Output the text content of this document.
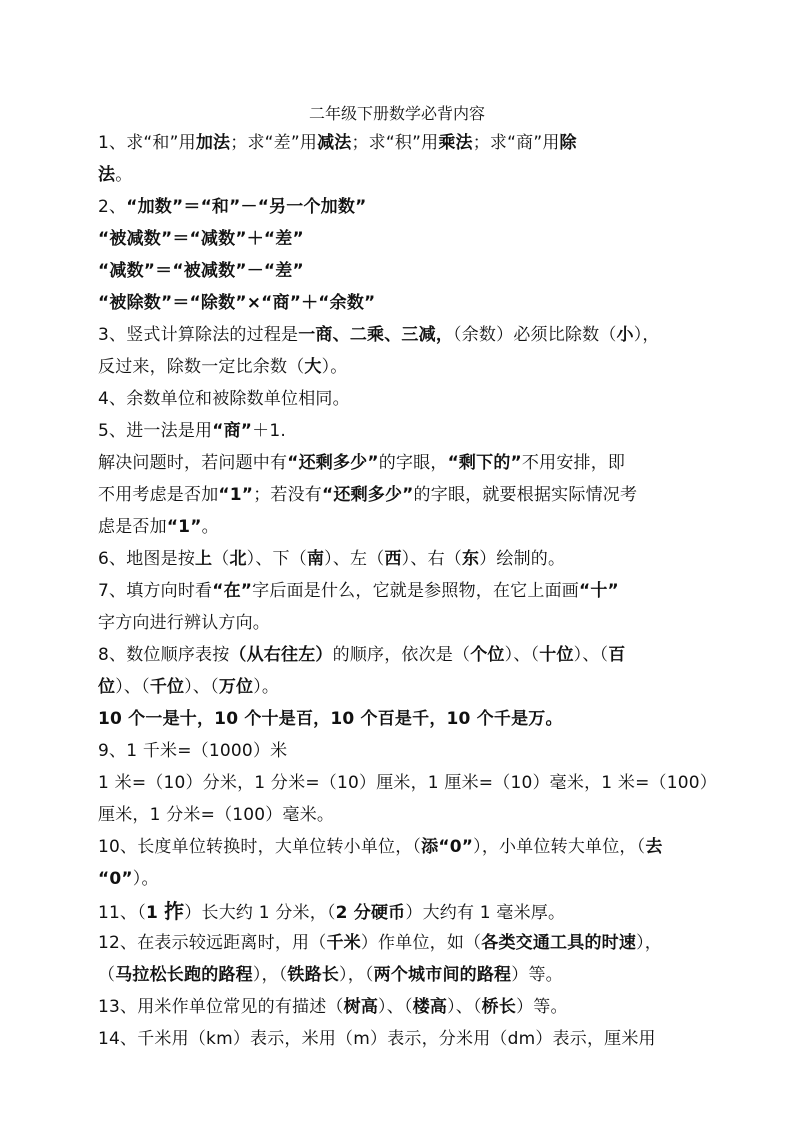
二年级下册数学必背内容
1、求“和”用加法；求“差”用减法；求“积”用乘法；求“商”用除
法。
2、“加数”＝“和”－“另一个加数”
“被减数”＝“减数”＋“差”
“减数”＝“被减数”－“差”
“被除数”＝“除数”×“商”＋“余数”
3、竖式计算除法的过程是一商、二乘、三减，（余数）必须比除数（小），
反过来，除数一定比余数（大）。
4、余数单位和被除数单位相同。
5、进一法是用“商”＋1.
解决问题时，若问题中有“还剩多少”的字眼，“剩下的”不用安排，即
不用考虑是否加“1”；若没有“还剩多少”的字眼，就要根据实际情况考
虑是否加“1”。
6、地图是按上（北）、下（南）、左（西）、右（东）绘制的。
7、填方向时看“在”字后面是什么，它就是参照物，在它上面画“十”
字方向进行辨认方向。
8、数位顺序表按（从右往左）的顺序，依次是（个位）、（十位）、（百
位）、（千位）、（万位）。
10 个一是十，10 个十是百，10 个百是千，10 个千是万。
9、1 千米=（1000）米
1 米=（10）分米，1 分米=（10）厘米，1 厘米=（10）毫米，1 米=（100）
厘米，1 分米=（100）毫米。
10、长度单位转换时，大单位转小单位，（添“0”），小单位转大单位，（去
“0”）。
11、（1 拃）长大约 1 分米，（2 分硬币）大约有 1 毫米厚。
12、在表示较远距离时，用（千米）作单位，如（各类交通工具的时速），
（马拉松长跑的路程），（铁路长），（两个城市间的路程）等。
13、用米作单位常见的有描述（树高）、（楼高）、（桥长）等。
14、千米用（km）表示，米用（m）表示，分米用（dm）表示，厘米用
